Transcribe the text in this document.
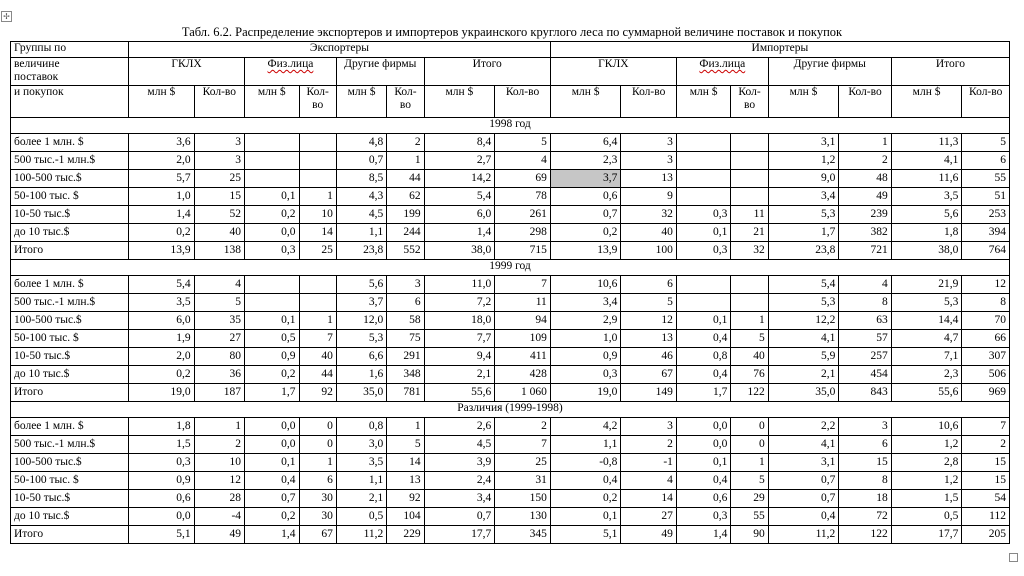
✢
Табл. 6.2. Распределение экспортеров и импортеров украинского круглого леса по суммарной величине поставок и покупок
Группы по	Экспортеры								Импортеры							
величине
поставок	ГКЛХ		Физ.лица		Другие фирмы		Итого		ГКЛХ		Физ.лица		Другие фирмы		Итого	
и покупок	млн $	Кол-во	млн $	Кол-во	млн $	Кол-во	млн $	Кол-во	млн $	Кол-во	млн $	Кол-во	млн $	Кол-во	млн $	Кол-во
1998 год																
более 1 млн. $	3,6	3			4,8	2	8,4	5	6,4	3			3,1	1	11,3	5
500 тыс.-1 млн.$	2,0	3			0,7	1	2,7	4	2,3	3			1,2	2	4,1	6
100-500 тыс.$	5,7	25			8,5	44	14,2	69	3,7	13			9,0	48	11,6	55
50-100 тыс. $	1,0	15	0,1	1	4,3	62	5,4	78	0,6	9			3,4	49	3,5	51
10-50 тыс.$	1,4	52	0,2	10	4,5	199	6,0	261	0,7	32	0,3	11	5,3	239	5,6	253
до 10 тыс.$	0,2	40	0,0	14	1,1	244	1,4	298	0,2	40	0,1	21	1,7	382	1,8	394
Итого	13,9	138	0,3	25	23,8	552	38,0	715	13,9	100	0,3	32	23,8	721	38,0	764
1999 год																
более 1 млн. $	5,4	4			5,6	3	11,0	7	10,6	6			5,4	4	21,9	12
500 тыс.-1 млн.$	3,5	5			3,7	6	7,2	11	3,4	5			5,3	8	5,3	8
100-500 тыс.$	6,0	35	0,1	1	12,0	58	18,0	94	2,9	12	0,1	1	12,2	63	14,4	70
50-100 тыс. $	1,9	27	0,5	7	5,3	75	7,7	109	1,0	13	0,4	5	4,1	57	4,7	66
10-50 тыс.$	2,0	80	0,9	40	6,6	291	9,4	411	0,9	46	0,8	40	5,9	257	7,1	307
до 10 тыс.$	0,2	36	0,2	44	1,6	348	2,1	428	0,3	67	0,4	76	2,1	454	2,3	506
Итого	19,0	187	1,7	92	35,0	781	55,6	1 060	19,0	149	1,7	122	35,0	843	55,6	969
Различия (1999-1998)																
более 1 млн. $	1,8	1	0,0	0	0,8	1	2,6	2	4,2	3	0,0	0	2,2	3	10,6	7
500 тыс.-1 млн.$	1,5	2	0,0	0	3,0	5	4,5	7	1,1	2	0,0	0	4,1	6	1,2	2
100-500 тыс.$	0,3	10	0,1	1	3,5	14	3,9	25	-0,8	-1	0,1	1	3,1	15	2,8	15
50-100 тыс. $	0,9	12	0,4	6	1,1	13	2,4	31	0,4	4	0,4	5	0,7	8	1,2	15
10-50 тыс.$	0,6	28	0,7	30	2,1	92	3,4	150	0,2	14	0,6	29	0,7	18	1,5	54
до 10 тыс.$	0,0	-4	0,2	30	0,5	104	0,7	130	0,1	27	0,3	55	0,4	72	0,5	112
Итого	5,1	49	1,4	67	11,2	229	17,7	345	5,1	49	1,4	90	11,2	122	17,7	205
